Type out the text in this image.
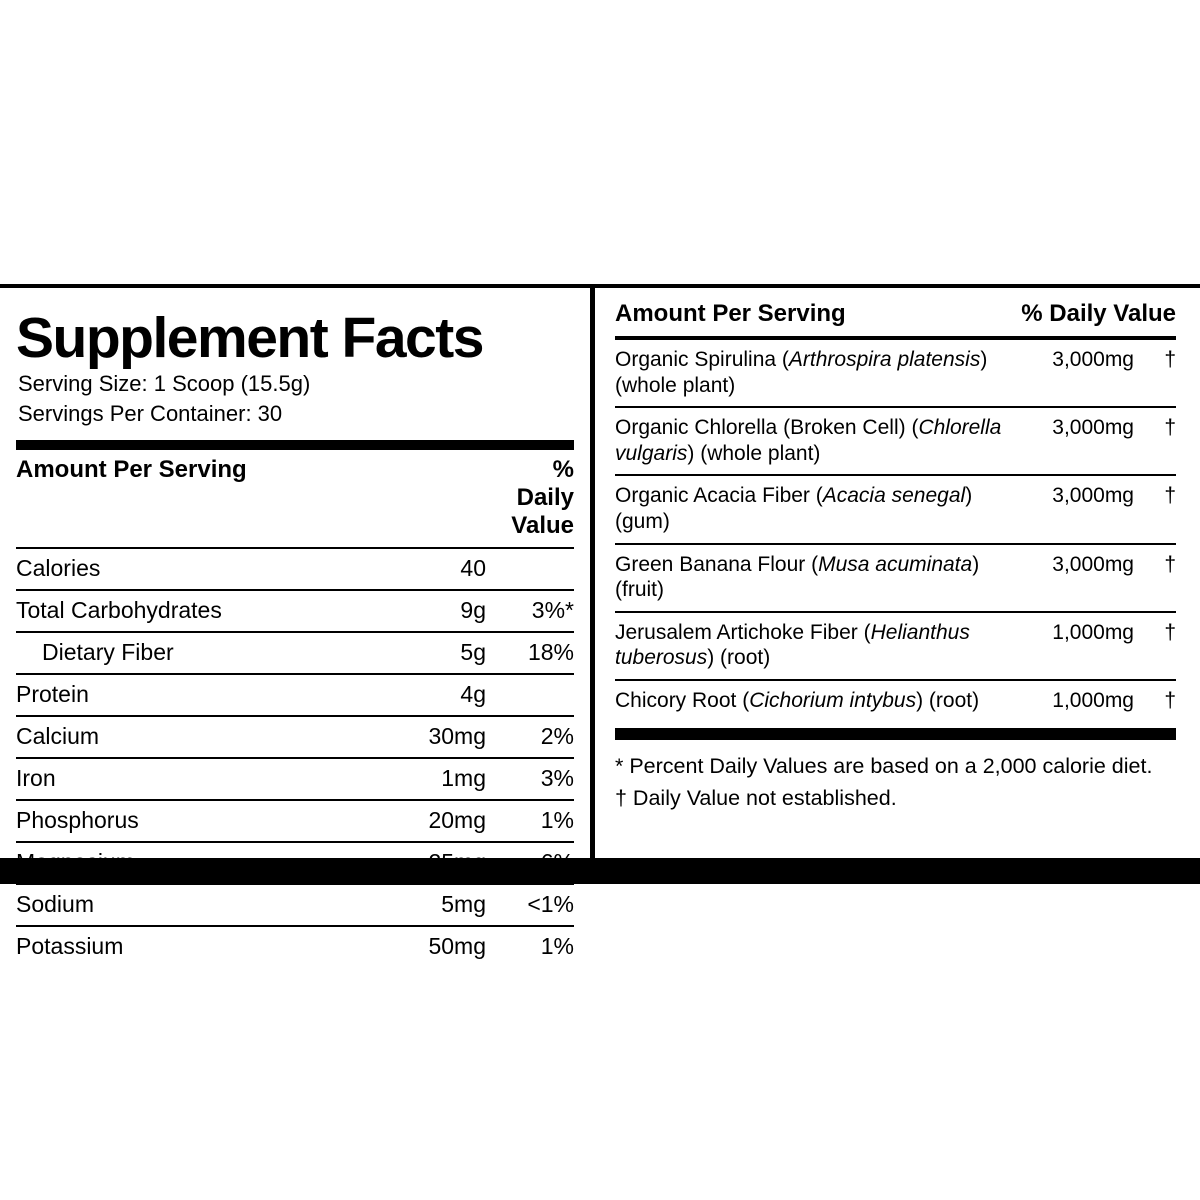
Supplement Facts
Serving Size: 1 Scoop (15.5g)
Servings Per Container: 30
Amount Per Serving		% Daily Value
Calories	40	
Total Carbohydrates	9g	3%*
Dietary Fiber	5g	18%
Protein	4g	
Calcium	30mg	2%
Iron	1mg	3%
Phosphorus	20mg	1%
Magnesium	25mg	6%
Sodium	5mg	<1%
Potassium	50mg	1%
Amount Per Serving	% Daily Value
Organic Spirulina (Arthrospira platensis) (whole plant)	3,000mg	†
Organic Chlorella (Broken Cell) (Chlorella vulgaris) (whole plant)	3,000mg	†
Organic Acacia Fiber (Acacia senegal) (gum)	3,000mg	†
Green Banana Flour (Musa acuminata) (fruit)	3,000mg	†
Jerusalem Artichoke Fiber (Helianthus tuberosus) (root)	1,000mg	†
Chicory Root (Cichorium intybus) (root)	1,000mg	†
* Percent Daily Values are based on a 2,000 calorie diet.
† Daily Value not established.
